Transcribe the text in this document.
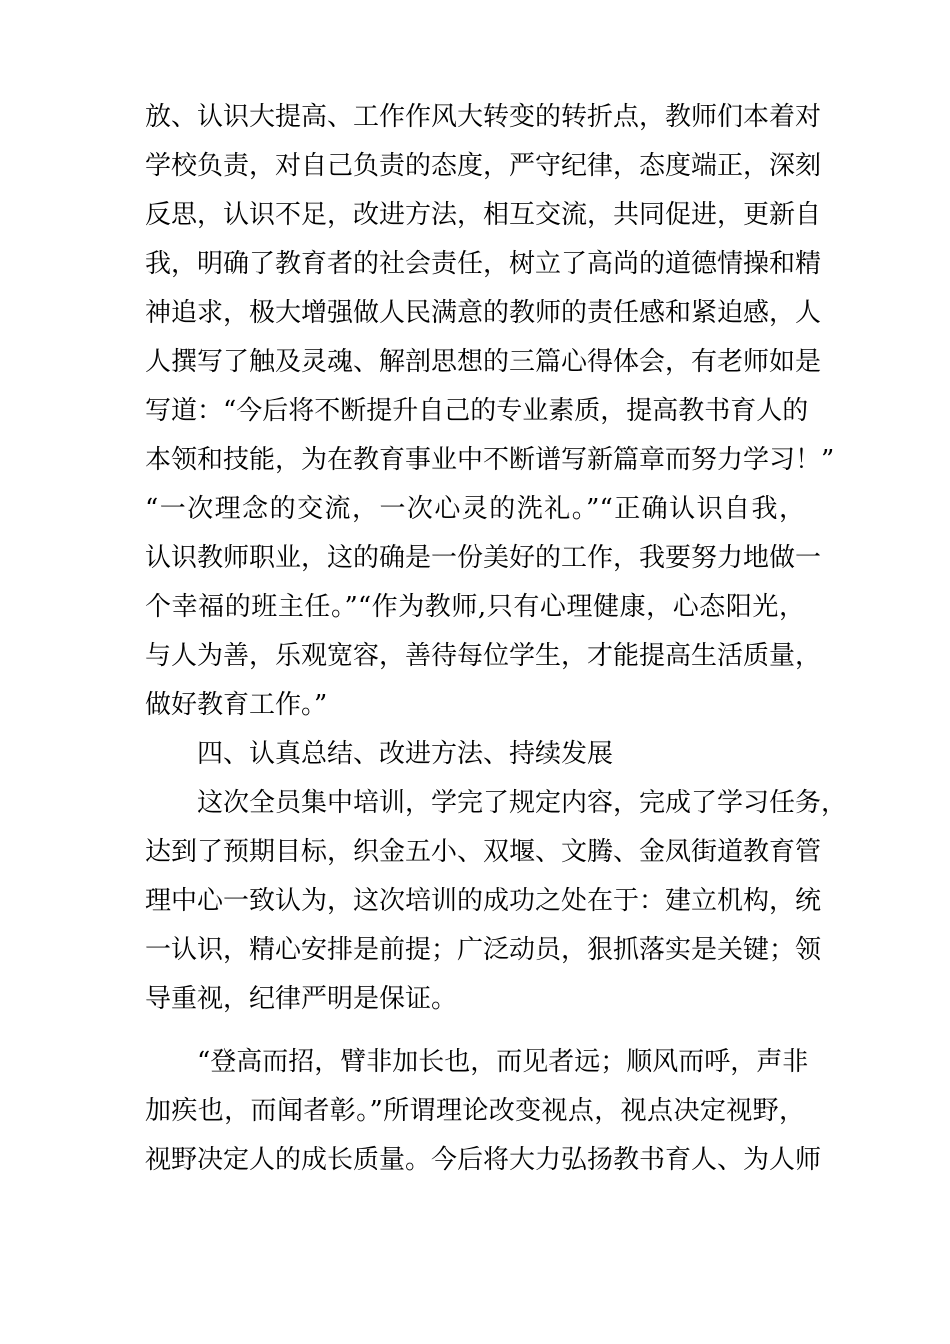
放、认识大提高、工作作风大转变的转折点，教师们本着对
学校负责，对自己负责的态度，严守纪律，态度端正，深刻
反思，认识不足，改进方法，相互交流，共同促进，更新自
我，明确了教育者的社会责任，树立了高尚的道德情操和精
神追求，极大增强做人民满意的教师的责任感和紧迫感，人
人撰写了触及灵魂、解剖思想的三篇心得体会，有老师如是
写道：“今后将不断提升自己的专业素质，提高教书育人的
本领和技能，为在教育事业中不断谱写新篇章而努力学习！”
“一次理念的交流，一次心灵的洗礼。”“正确认识自我，
认识教师职业，这的确是一份美好的工作，我要努力地做一
个幸福的班主任。”“作为教师,只有心理健康，心态阳光，
与人为善，乐观宽容，善待每位学生，才能提高生活质量，
做好教育工作。”
四、认真总结、改进方法、持续发展
这次全员集中培训，学完了规定内容，完成了学习任务，
达到了预期目标，织金五小、双堰、文腾、金凤街道教育管
理中心一致认为，这次培训的成功之处在于：建立机构，统
一认识，精心安排是前提；广泛动员，狠抓落实是关键；领
导重视，纪律严明是保证。
“登高而招，臂非加长也，而见者远；顺风而呼，声非
加疾也，而闻者彰。”所谓理论改变视点，视点决定视野，
视野决定人的成长质量。今后将大力弘扬教书育人、为人师
